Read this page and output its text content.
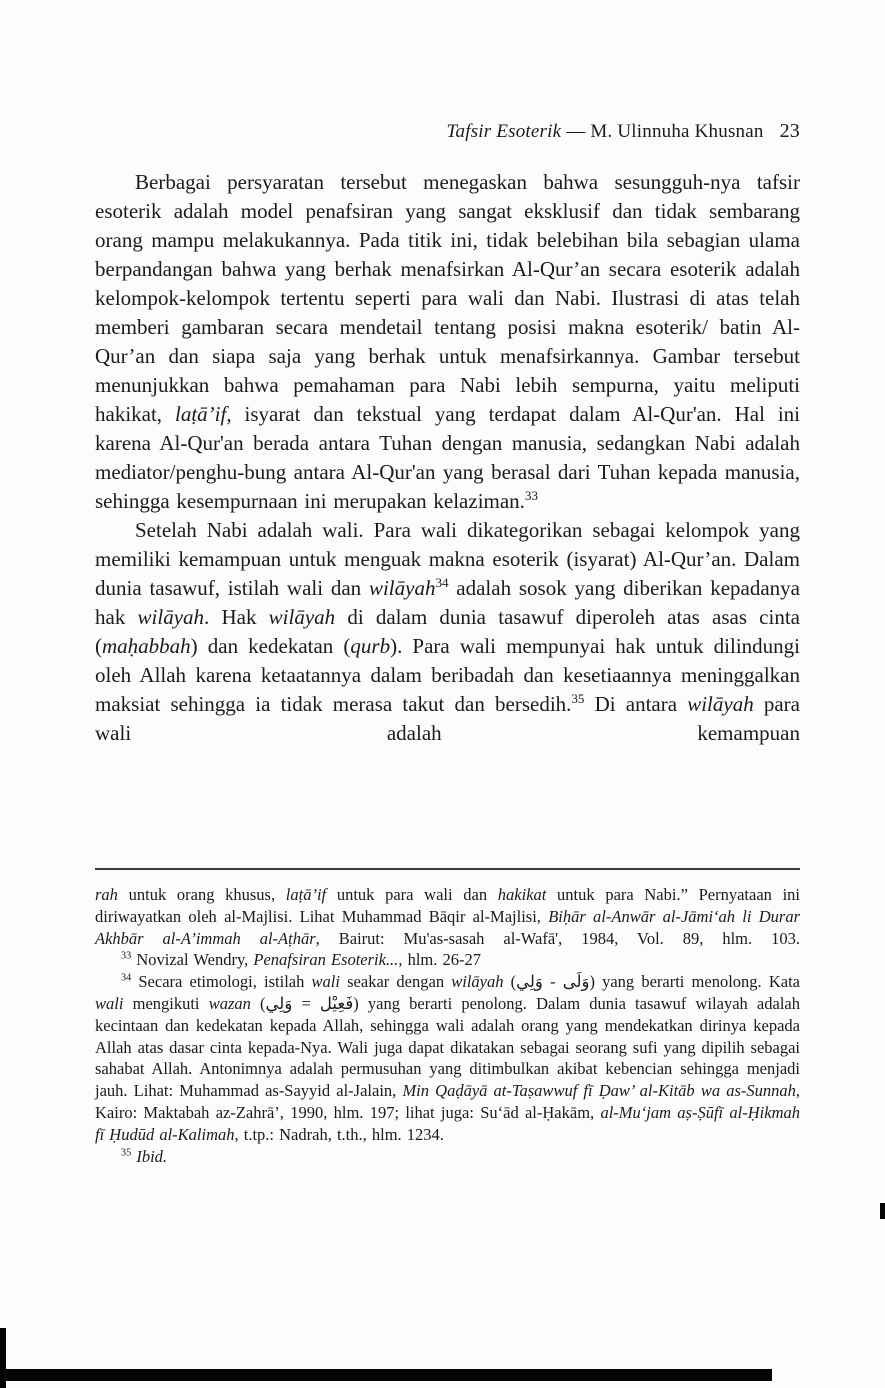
Tafsir Esoterik — M. Ulinnuha Khusnan 23

Berbagai persyaratan tersebut menegaskan bahwa sesungguh-nya tafsir esoterik adalah model penafsiran yang sangat eksklusif dan tidak sembarang orang mampu melakukannya. Pada titik ini, tidak belebihan bila sebagian ulama berpandangan bahwa yang berhak menafsirkan Al-Qur’an secara esoterik adalah kelompok-kelompok tertentu seperti para wali dan Nabi. Ilustrasi di atas telah memberi gambaran secara mendetail tentang posisi makna esoterik/ batin Al-Qur’an dan siapa saja yang berhak untuk menafsirkannya. Gambar tersebut menunjukkan bahwa pemahaman para Nabi lebih sempurna, yaitu meliputi hakikat, laṭā’if, isyarat dan tekstual yang terdapat dalam Al-Qur'an. Hal ini karena Al-Qur'an berada antara Tuhan dengan manusia, sedangkan Nabi adalah mediator/penghu-bung antara Al-Qur'an yang berasal dari Tuhan kepada manusia, sehingga kesempurnaan ini merupakan kelaziman.$^{33}$

Setelah Nabi adalah wali. Para wali dikategorikan sebagai kelompok yang memiliki kemampuan untuk menguak makna esoterik (isyarat) Al-Qur’an. Dalam dunia tasawuf, istilah wali dan wilāyah$^{34}$ adalah sosok yang diberikan kepadanya hak wilāyah. Hak wilāyah di dalam dunia tasawuf diperoleh atas asas cinta (maḥabbah) dan kedekatan (qurb). Para wali mempunyai hak untuk dilindungi oleh Allah karena ketaatannya dalam beribadah dan kesetiaannya meninggalkan maksiat sehingga ia tidak merasa takut dan bersedih.$^{35}$ Di antara wilāyah para wali adalah kemampuan

rah untuk orang khusus, laṭā’if untuk para wali dan hakikat untuk para Nabi.” Pernyataan ini diriwayatkan oleh al-Majlisi. Lihat Muhammad Bāqir al-Majlisi, Biḥār al-Anwār al-Jāmi‘ah li Durar Akhbār al-A’immah al-Aṭhār, Bairut: Mu'as-sasah al-Wafā', 1984, Vol. 89, hlm. 103.

$^{33}$ Novizal Wendry, Penafsiran Esoterik..., hlm. 26-27

$^{34}$ Secara etimologi, istilah wali seakar dengan wilāyah (وَلَى - وَلِي) yang berarti menolong. Kata wali mengikuti wazan (فَعِيْل = وَلِي) yang berarti penolong. Dalam dunia tasawuf wilayah adalah kecintaan dan kedekatan kepada Allah, sehingga wali adalah orang yang mendekatkan dirinya kepada Allah atas dasar cinta kepada-Nya. Wali juga dapat dikatakan sebagai seorang sufi yang dipilih sebagai sahabat Allah. Antonimnya adalah permusuhan yang ditimbulkan akibat kebencian sehingga menjadi jauh. Lihat: Muhammad as-Sayyid al-Jalain, Min Qaḍāyā at-Taṣawwuf fī Ḍaw’ al-Kitāb wa as-Sunnah, Kairo: Maktabah az-Zahrā’, 1990, hlm. 197; lihat juga: Su‘ād al-Ḥakām, al-Mu‘jam aṣ-Ṣūfī al-Ḥikmah fī Ḥudūd al-Kalimah, t.tp.: Nadrah, t.th., hlm. 1234.

$^{35}$ Ibid.
